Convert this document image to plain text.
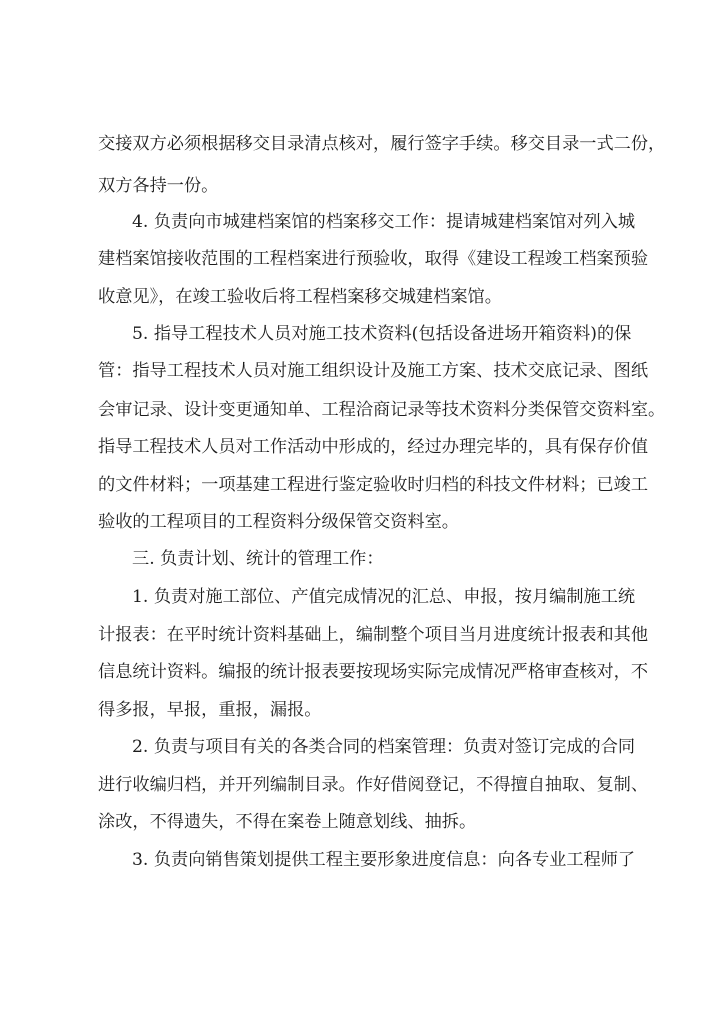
交接双方必须根据移交目录清点核对，履行签字手续。移交目录一式二份，
双方各持一份。
4. 负责向市城建档案馆的档案移交工作：提请城建档案馆对列入城
建档案馆接收范围的工程档案进行预验收，取得《建设工程竣工档案预验
收意见》，在竣工验收后将工程档案移交城建档案馆。
5. 指导工程技术人员对施工技术资料(包括设备进场开箱资料)的保
管：指导工程技术人员对施工组织设计及施工方案、技术交底记录、图纸
会审记录、设计变更通知单、工程洽商记录等技术资料分类保管交资料室。
指导工程技术人员对工作活动中形成的，经过办理完毕的，具有保存价值
的文件材料；一项基建工程进行鉴定验收时归档的科技文件材料；已竣工
验收的工程项目的工程资料分级保管交资料室。
三. 负责计划、统计的管理工作：
1. 负责对施工部位、产值完成情况的汇总、申报，按月编制施工统
计报表：在平时统计资料基础上，编制整个项目当月进度统计报表和其他
信息统计资料。编报的统计报表要按现场实际完成情况严格审查核对，不
得多报，早报，重报，漏报。
2. 负责与项目有关的各类合同的档案管理：负责对签订完成的合同
进行收编归档，并开列编制目录。作好借阅登记，不得擅自抽取、复制、
涂改，不得遗失，不得在案卷上随意划线、抽拆。
3. 负责向销售策划提供工程主要形象进度信息：向各专业工程师了
